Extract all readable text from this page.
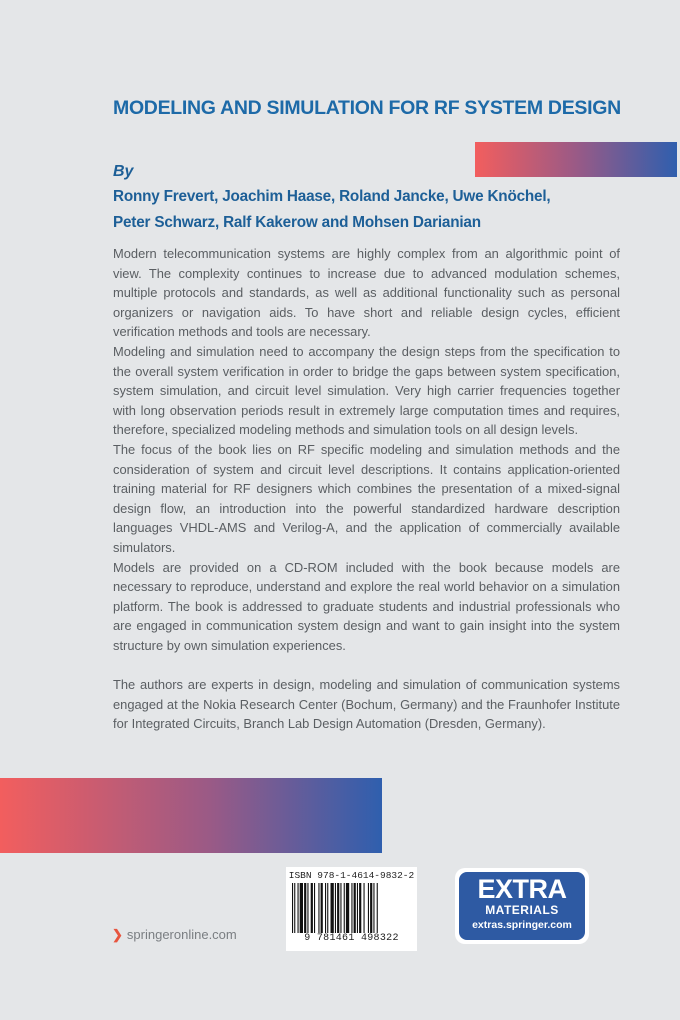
MODELING AND SIMULATION FOR RF SYSTEM DESIGN
By
Ronny Frevert, Joachim Haase, Roland Jancke, Uwe Knöchel,
Peter Schwarz, Ralf Kakerow and Mohsen Darianian

Modern telecommunication systems are highly complex from an algorithmic point of view. The complexity continues to increase due to advanced modulation schemes, multiple protocols and standards, as well as additional functionality such as personal organizers or navigation aids. To have short and reliable design cycles, efficient verification methods and tools are necessary.

Modeling and simulation need to accompany the design steps from the specification to the overall system verification in order to bridge the gaps between system specification, system simulation, and circuit level simulation. Very high carrier frequencies together with long observation periods result in extremely large computation times and requires, therefore, specialized modeling methods and simulation tools on all design levels.

The focus of the book lies on RF specific modeling and simulation methods and the consideration of system and circuit level descriptions. It contains application-oriented training material for RF designers which combines the presentation of a mixed-signal design flow, an introduction into the powerful standardized hardware description languages VHDL-AMS and Verilog-A, and the application of commercially available simulators.

Models are provided on a CD-ROM included with the book because models are necessary to reproduce, understand and explore the real world behavior on a simulation platform. The book is addressed to graduate students and industrial professionals who are engaged in communication system design and want to gain insight into the system structure by own simulation experiences.

The authors are experts in design, modeling and simulation of communication systems engaged at the Nokia Research Center (Bochum, Germany) and the Fraunhofer Institute for Integrated Circuits, Branch Lab Design Automation (Dresden, Germany).

ISBN 978-1-4614-9832-2
9 781461 498322
❯ springeronline.com
EXTRA
MATERIALS
extras.springer.com
